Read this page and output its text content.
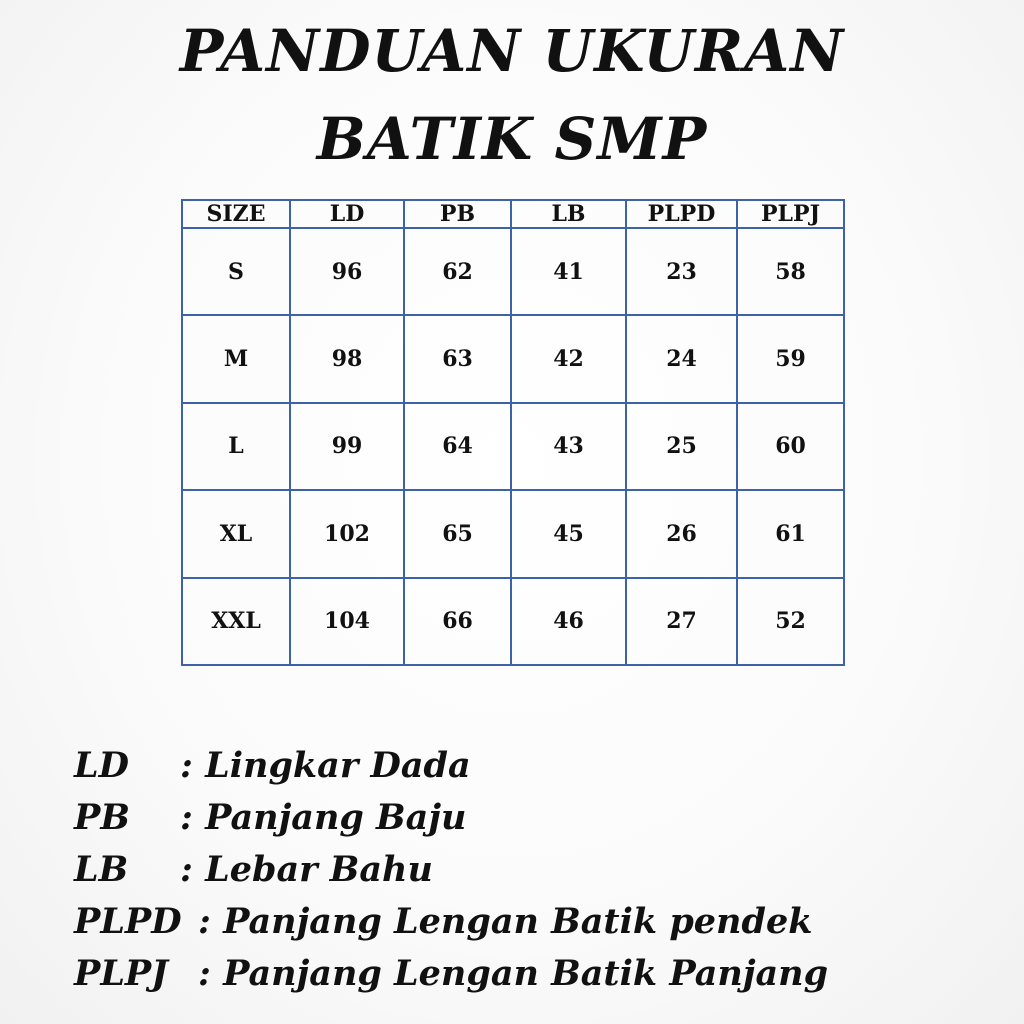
PANDUAN UKURAN
BATIK SMP
SIZE	LD	PB	LB	PLPD	PLPJ
S	96	62	41	23	58
M	98	63	42	24	59
L	99	64	43	25	60
XL	102	65	45	26	61
XXL	104	66	46	27	52
LD : Lingkar Dada
PB : Panjang Baju
LB : Lebar Bahu
PLPD : Panjang Lengan Batik pendek
PLPJ : Panjang Lengan Batik Panjang
